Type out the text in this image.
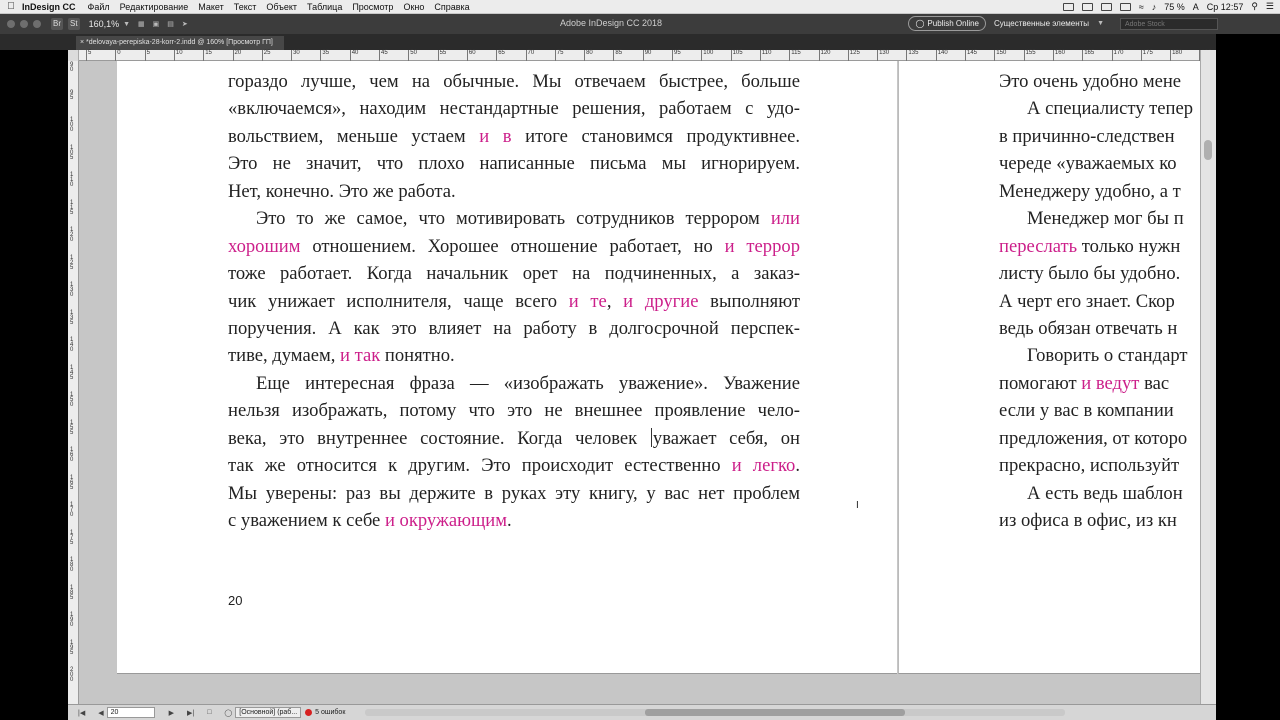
InDesign CC Файл Редактирование Макет Текст Объект Таблица Просмотр Окно Справка	≈ ♪ 75 % A Ср 12:57 ⚲ ☰
Br St 160,1% ▼ ▦ ▣ ▤ ➤	Adobe InDesign CC 2018	◯ Publish Online Существенные элементы ▼	Adobe Stock
× *delovaya-perepiska-28-korr-2.indd @ 160% [Просмотр ГП]
5	0	5	10	15	20	25	30	35	40	45	50	55	60	65	70	75	80	85	90	95	100	105	110	115	120	125	130	135	140	145	150	155	160	165	170	175	180
90
95
100
105
110
115
120
125
130
135
140
145
150
155
160
165
170
175
180
185
190
195
200
гораздо лучше, чем на обычные. Мы отвечаем быстрее, больше
«включаемся», находим нестандартные решения, работаем с удо-
вольствием, меньше устаем и в итоге становимся продуктивнее.
Это не значит, что плохо написанные письма мы игнорируем.
Нет, конечно. Это же работа.
Это то же самое, что мотивировать сотрудников террором или
хорошим отношением. Хорошее отношение работает, но и террор
тоже работает. Когда начальник орет на подчиненных, а заказ-
чик унижает исполнителя, чаще всего и те, и другие выполняют
поручения. А как это влияет на работу в долгосрочной перспек-
тиве, думаем, и так понятно.
Еще интересная фраза — «изображать уважение». Уважение
нельзя изображать, потому что это не внешнее проявление чело-
века, это внутреннее состояние. Когда человек уважает себя, он
так же относится к другим. Это происходит естественно и легко.
Мы уверены: раз вы держите в руках эту книгу, у вас нет проблем
с уважением к себе и окружающим.
20
Это очень удобно мене
А специалисту тепер
в причинно-следствен
череде «уважаемых ко
Менеджеру удобно, а т
Менеджер мог бы п
переслать только нужн
листу было бы удобно.
А черт его знает. Скор
ведь обязан отвечать н
Говорить о стандарт
помогают и ведут вас
если у вас в компании
предложения, от которо
прекрасно, используйт
А есть ведь шаблон
из офиса в офис, из кн
I
|◀ ◀	20	▶ ▶| □ ◯	[Основной] (раб...	5 ошибок
